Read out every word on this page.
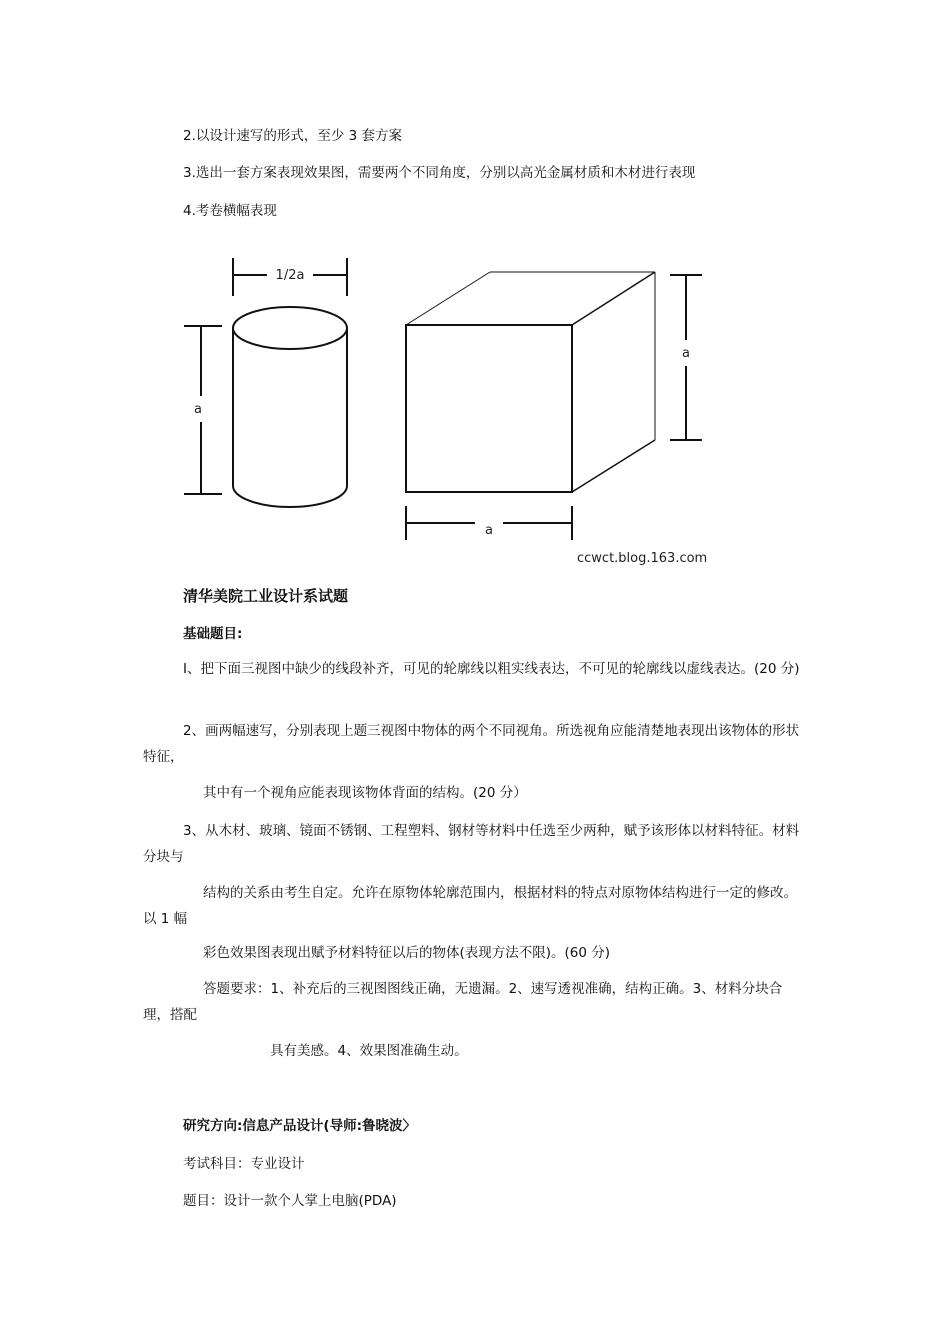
2.以设计速写的形式，至少 3 套方案
3.选出一套方案表现效果图，需要两个不同角度，分别以高光金属材质和木材进行表现
4.考卷横幅表现
1/2a
a
a
a
ccwct.blog.163.com
清华美院工业设计系试题
基础题目:
Ⅰ、把下面三视图中缺少的线段补齐，可见的轮廓线以粗实线表达，不可见的轮廓线以虚线表达。(20 分)
2、画两幅速写，分别表现上题三视图中物体的两个不同视角。所选视角应能清楚地表现出该物体的形状特征，
其中有一个视角应能表现该物体背面的结构。(20 分）
3、从木材、玻璃、镜面不锈钢、工程塑料、钢材等材料中任选至少两种，赋予该形体以材料特征。材料分块与
结构的关系由考生自定。允许在原物体轮廓范围内，根据材料的特点对原物体结构进行一定的修改。以 1 幅
彩色效果图表现出赋予材料特征以后的物体(表现方法不限)。(60 分)
答题要求：1、补充后的三视图图线正确，无遗漏。2、速写透视准确，结构正确。3、材料分块合理，搭配
具有美感。4、效果图准确生动。
研究方向:信息产品设计(导师:鲁晓波〉
考试科目：专业设计
题目：设计一款个人掌上电脑(PDA)
